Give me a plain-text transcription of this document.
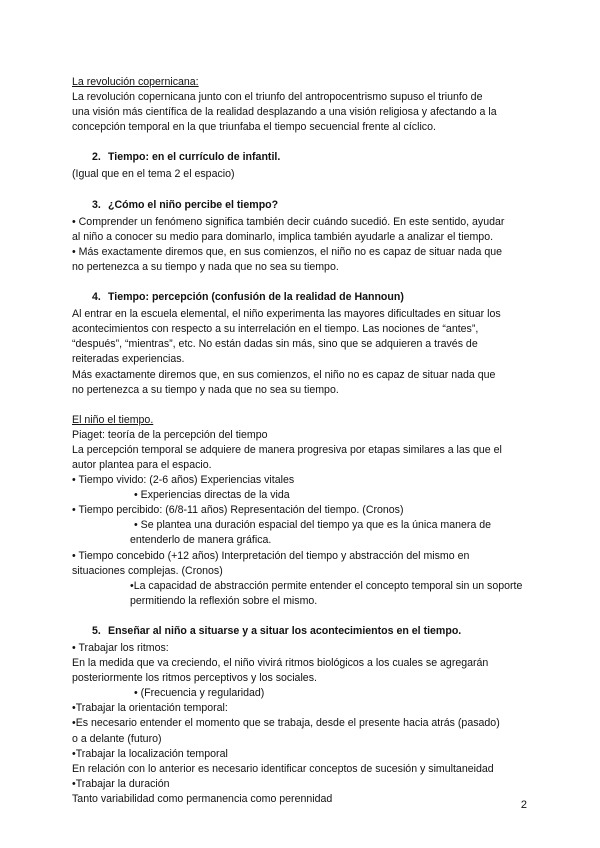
La revolución copernicana:

La revolución copernicana junto con el triunfo del antropocentrismo supuso el triunfo de

una visión más científica de la realidad desplazando a una visión religiosa y afectando a la

concepción temporal en la que triunfaba el tiempo secuencial frente al cíclico.

2. Tiempo: en el currículo de infantil.

(Igual que en el tema 2 el espacio)

3. ¿Cómo el niño percibe el tiempo?

• Comprender un fenómeno significa también decir cuándo sucedió. En este sentido, ayudar

al niño a conocer su medio para dominarlo, implica también ayudarle a analizar el tiempo.

• Más exactamente diremos que, en sus comienzos, el niño no es capaz de situar nada que

no pertenezca a su tiempo y nada que no sea su tiempo.

4. Tiempo: percepción (confusión de la realidad de Hannoun)

Al entrar en la escuela elemental, el niño experimenta las mayores dificultades en situar los

acontecimientos con respecto a su interrelación en el tiempo. Las nociones de “antes”,

“después”, “mientras”, etc. No están dadas sin más, sino que se adquieren a través de

reiteradas experiencias.

Más exactamente diremos que, en sus comienzos, el niño no es capaz de situar nada que

no pertenezca a su tiempo y nada que no sea su tiempo.

El niño el tiempo.

Piaget: teoría de la percepción del tiempo

La percepción temporal se adquiere de manera progresiva por etapas similares a las que el

autor plantea para el espacio.

• Tiempo vivido: (2-6 años) Experiencias vitales

• Experiencias directas de la vida

• Tiempo percibido: (6/8-11 años) Representación del tiempo. (Cronos)

• Se plantea una duración espacial del tiempo ya que es la única manera de

entenderlo de manera gráfica.

• Tiempo concebido (+12 años) Interpretación del tiempo y abstracción del mismo en

situaciones complejas. (Cronos)

•La capacidad de abstracción permite entender el concepto temporal sin un soporte

permitiendo la reflexión sobre el mismo.

5. Enseñar al niño a situarse y a situar los acontecimientos en el tiempo.

• Trabajar los ritmos:

En la medida que va creciendo, el niño vivirá ritmos biológicos a los cuales se agregarán

posteriormente los ritmos perceptivos y los sociales.

• (Frecuencia y regularidad)

•Trabajar la orientación temporal:

•Es necesario entender el momento que se trabaja, desde el presente hacia atrás (pasado)

o a delante (futuro)

•Trabajar la localización temporal

En relación con lo anterior es necesario identificar conceptos de sucesión y simultaneidad

•Trabajar la duración

Tanto variabilidad como permanencia como perennidad

2
